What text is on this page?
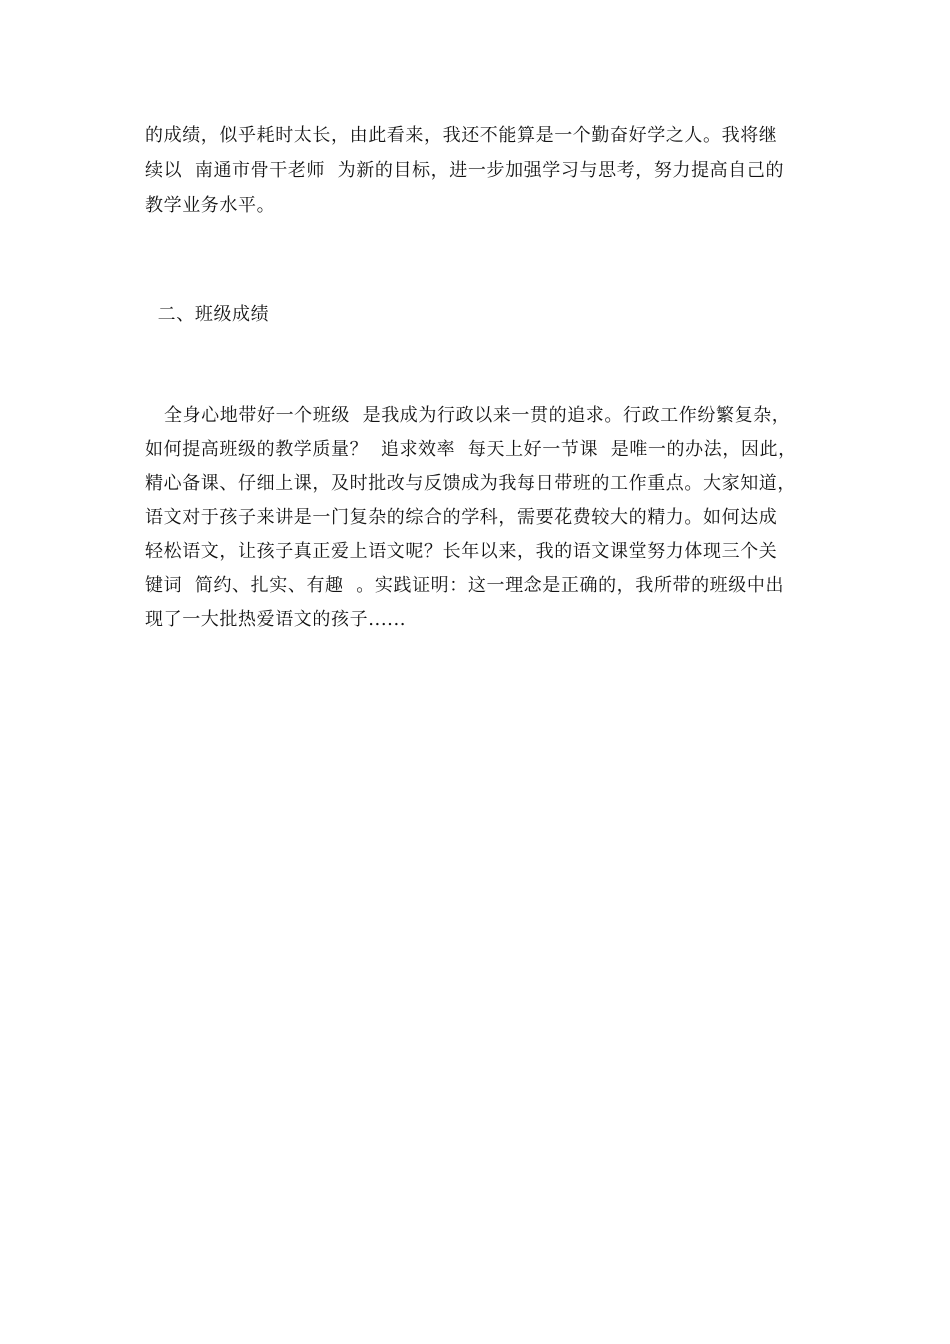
的成绩，似乎耗时太长，由此看来，我还不能算是一个勤奋好学之人。我将继
续以  南通市骨干老师  为新的目标，进一步加强学习与思考，努力提高自己的
教学业务水平。
二、班级成绩
全身心地带好一个班级  是我成为行政以来一贯的追求。行政工作纷繁复杂，
如何提高班级的教学质量？  追求效率  每天上好一节课  是唯一的办法，因此，
精心备课、仔细上课，及时批改与反馈成为我每日带班的工作重点。大家知道，
语文对于孩子来讲是一门复杂的综合的学科，需要花费较大的精力。如何达成
轻松语文，让孩子真正爱上语文呢？长年以来，我的语文课堂努力体现三个关
键词  简约、扎实、有趣  。实践证明：这一理念是正确的，我所带的班级中出
现了一大批热爱语文的孩子......
